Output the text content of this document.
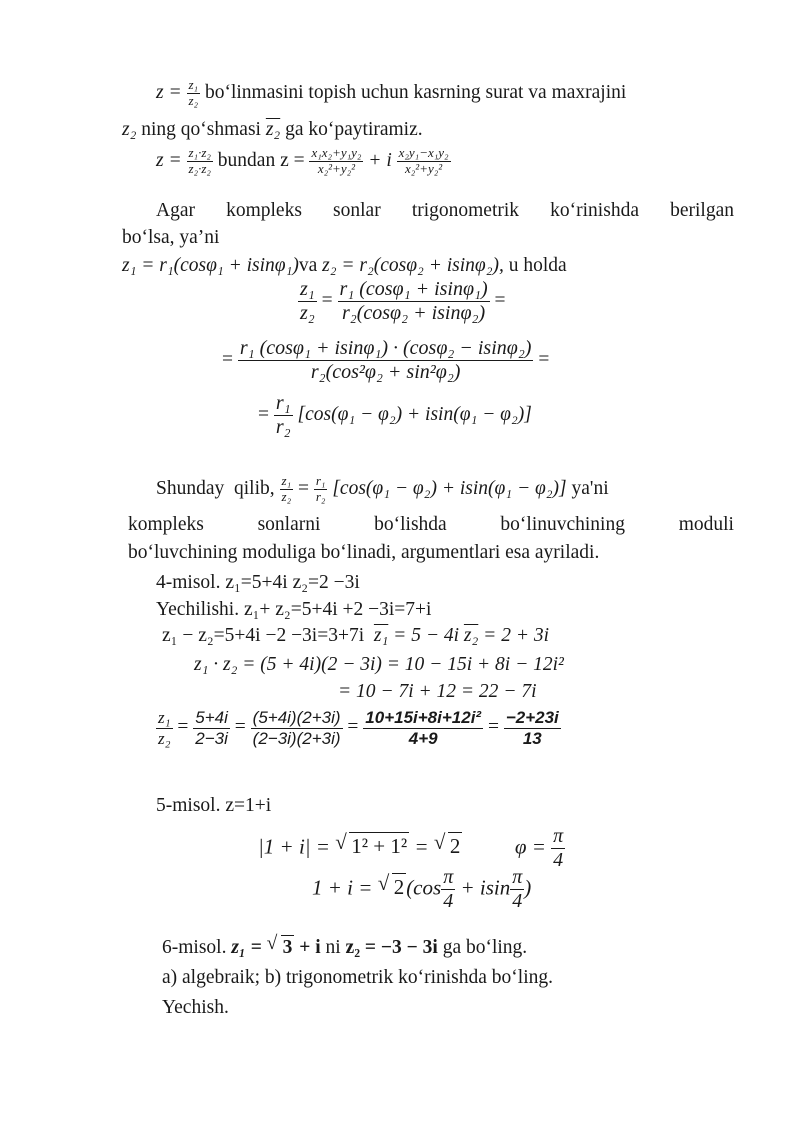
$z = \frac{\text{z₁}}{\text{z₂}}$ bo‘linmasini topish uchun kasrning surat va maxrajini
z₂ ning qo‘shmasi z₂ ga ko‘paytiramiz.
$z = \frac{\text{z₁·z₂}}{\text{z₂·z₂}}$ bundan $z = \frac{\text{x₁x₂+y₁y₂}}{\text{x₂²+y₂²}} + i \frac{\text{x₂y₁−x₁y₂}}{\text{x₂²+y₂²}}$
Agar kompleks sonlar trigonometrik ko‘rinishda berilgan
bo‘lsa, ya’ni
z₁ = r₁(cosφ₁ + isinφ₁)va z₂ = r₂(cosφ₂ + isinφ₂), u holda
$\frac{\text{z₁}}{\text{z₂}} = \frac{\text{r₁ (cosφ₁ + isinφ₁)}}{\text{r₂(cosφ₂ + isinφ₂)}}$ =
= $\frac{\text{r₁ (cosφ₁ + isinφ₁) · (cosφ₂ − isinφ₂)}}{\text{r₂(cos²φ₂ + sin²φ₂)}}$ =
= $\frac{\text{r₁}}{\text{r₂}} [\cos(\varphi_1 - \varphi_2) + isin(\varphi_1 - \varphi_2)]$
Shunday qilib, $\frac{\text{z₁}}{\text{z₂}} = \frac{\text{r₁}}{\text{r₂}} [\cos(\varphi_1 - \varphi_2) + isin(\varphi_1 - \varphi_2)]$ ya'ni
kompleks	sonlarni	bo‘lishda	bo‘linuvchining	moduli
bo‘luvchining moduliga bo‘linadi, argumentlari esa ayriladi.
4-misol. z₁=5+4i z₂=2 −3i
Yechilishi. z₁+ z₂=5+4i +2 −3i=7+i
z₁ − z₂=5+4i −2 −3i=3+7i z₁ = 5 − 4i z₂ = 2 + 3i
z₁ · z₂ = (5 + 4i)(2 − 3i) = 10 − 15i + 8i − 12i²
= 10 − 7i + 12 = 22 − 7i
$\frac{\text{z₁}}{\text{z₂}} = \frac{5+4i}{2-3i} = \frac{(5+4i)(2+3i)}{(2-3i)(2+3i)} = \frac{\text{10+15i+8i+12i²}}{4+9} = \frac{-2+23i}{13}$
5-misol. z=1+i
|1 + i| = √ 1² + 1² = √ 2	$\varphi = \frac{\pi}{4}$
1 + i = √ $2(\cos \frac{\pi}{4} + isin \frac{\pi}{4}$ )
6-misol. z₁ = √ 3 + i ni z₂ = −3 − 3i ga bo‘ling.
a) algebraik; b) trigonometrik ko‘rinishda bo‘ling.
Yechish.
